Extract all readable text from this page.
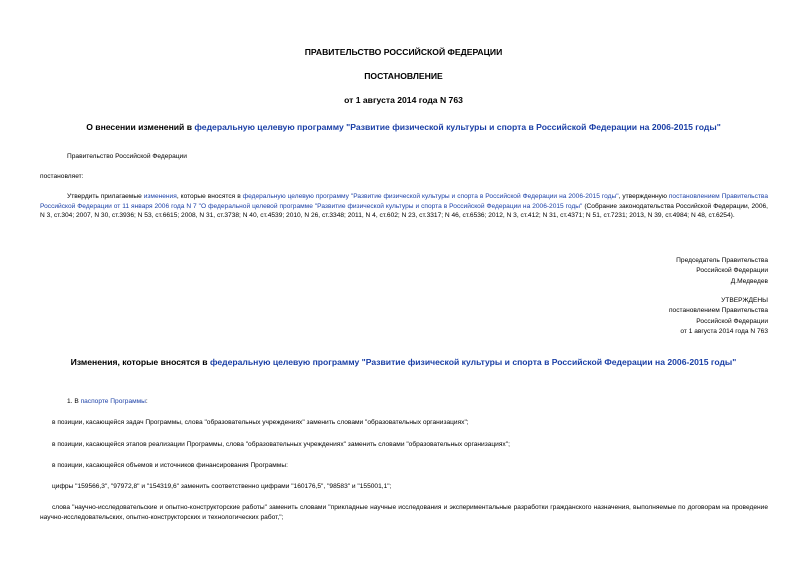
ПРАВИТЕЛЬСТВО РОССИЙСКОЙ ФЕДЕРАЦИИ
ПОСТАНОВЛЕНИЕ
от 1 августа 2014 года N 763
О внесении изменений в федеральную целевую программу "Развитие физической культуры и спорта в Российской Федерации на 2006-2015 годы"
Правительство Российской Федерации
постановляет:
Утвердить прилагаемые изменения, которые вносятся в федеральную целевую программу "Развитие физической культуры и спорта в Российской Федерации на 2006-2015 годы", утвержденную постановлением Правительства Российской Федерации от 11 января 2006 года N 7 "О федеральной целевой программе "Развитие физической культуры и спорта в Российской Федерации на 2006-2015 годы" (Собрание законодательства Российской Федерации, 2006, N 3, ст.304; 2007, N 30, ст.3936; N 53, ст.6615; 2008, N 31, ст.3738; N 40, ст.4539; 2010, N 26, ст.3348; 2011, N 4, ст.602; N 23, ст.3317; N 46, ст.6536; 2012, N 3, ст.412; N 31, ст.4371; N 51, ст.7231; 2013, N 39, ст.4984; N 48, ст.6254).
Председатель Правительства
Российской Федерации
Д.Медведев
УТВЕРЖДЕНЫ
постановлением Правительства
Российской Федерации
от 1 августа 2014 года N 763
Изменения, которые вносятся в федеральную целевую программу "Развитие физической культуры и спорта в Российской Федерации на 2006-2015 годы"
1. В паспорте Программы:
в позиции, касающейся задач Программы, слова "образовательных учреждениях" заменить словами "образовательных организациях";
в позиции, касающейся этапов реализации Программы, слова "образовательных учреждениях" заменить словами "образовательных организациях";
в позиции, касающейся объемов и источников финансирования Программы:
цифры "159566,3", "97972,8" и "154319,6" заменить соответственно цифрами "160176,5", "98583" и "155001,1";
слова "научно-исследовательские и опытно-конструкторские работы" заменить словами "прикладные научные исследования и экспериментальные разработки гражданского назначения, выполняемые по договорам на проведение научно-исследовательских, опытно-конструкторских и технологических работ,";
